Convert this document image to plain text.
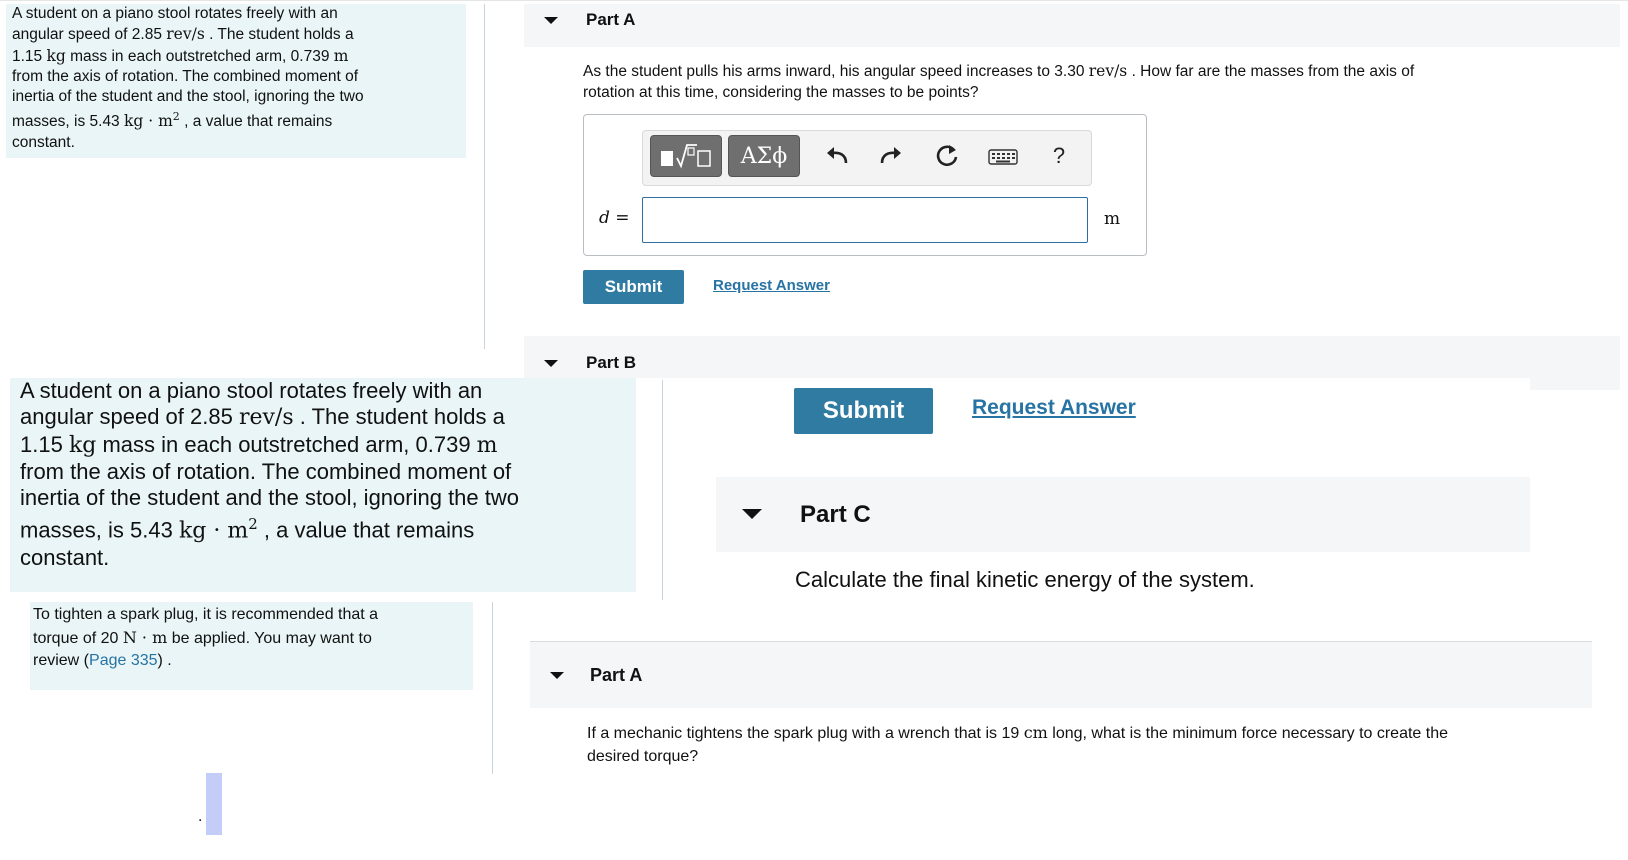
A student on a piano stool rotates freely with an

angular speed of 2.85 rev/s . The student holds a

1.15 kg mass in each outstretched arm, 0.739 m

from the axis of rotation. The combined moment of

inertia of the student and the stool, ignoring the two

masses, is 5.43 kg · $m^2$ , a value that remains

constant.

Part A

As the student pulls his arms inward, his angular speed increases to 3.30 rev/s . How far are the masses from the axis of

rotation at this time, considering the masses to be points?

ΑΣϕ	?
d =	m
Submit	Request Answer
Part B

A student on a piano stool rotates freely with an

angular speed of 2.85 rev/s . The student holds a

1.15 kg mass in each outstretched arm, 0.739 m

from the axis of rotation. The combined moment of

inertia of the student and the stool, ignoring the two

masses, is 5.43 kg · $m^2$ , a value that remains

constant.

Submit	Request Answer
Part C
Calculate the final kinetic energy of the system.

To tighten a spark plug, it is recommended that a

torque of 20 N · m be applied. You may want to

review (Page 335) .

Part A

If a mechanic tightens the spark plug with a wrench that is 19 cm long, what is the minimum force necessary to create the

desired torque?

.
